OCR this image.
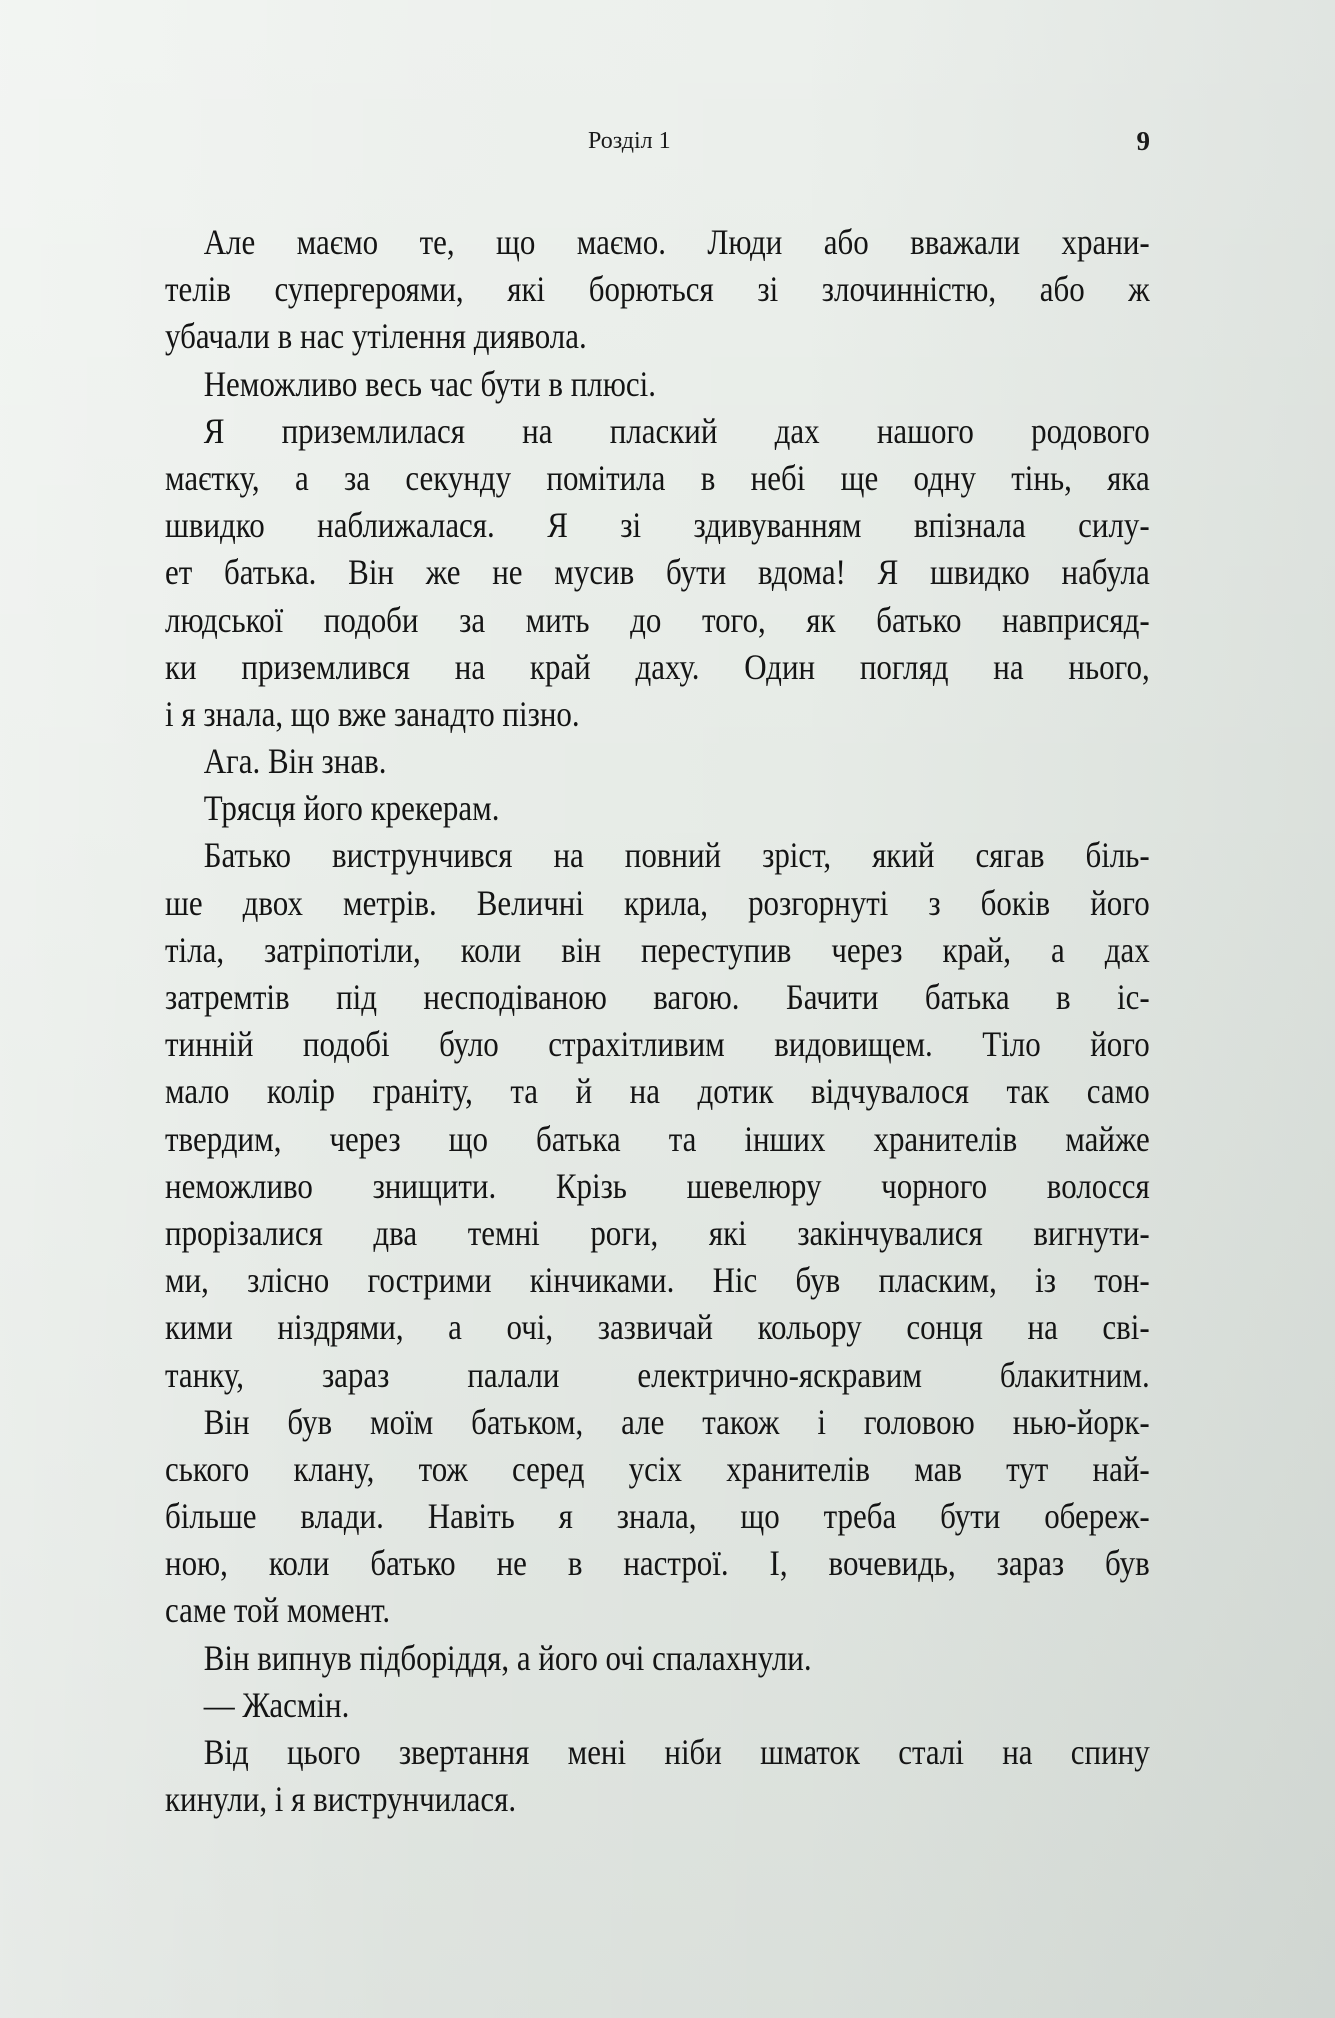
Розділ 1	9
Але маємо те, що маємо. Люди або вважали храни-
телів супергероями, які борються зі злочинністю, або ж
убачали в нас утілення диявола.
Неможливо весь час бути в плюсі.
Я приземлилася на плаский дах нашого родового
маєтку, а за секунду помітила в небі ще одну тінь, яка
швидко наближалася. Я зі здивуванням впізнала силу-
ет батька. Він же не мусив бути вдома! Я швидко набула
людської подоби за мить до того, як батько навприсяд-
ки приземлився на край даху. Один погляд на нього,
і я знала, що вже занадто пізно.
Ага. Він знав.
Трясця його крекерам.
Батько виструнчився на повний зріст, який сягав біль-
ше двох метрів. Величні крила, розгорнуті з боків його
тіла, затріпотіли, коли він переступив через край, а дах
затремтів під несподіваною вагою. Бачити батька в іс-
тинній подобі було страхітливим видовищем. Тіло його
мало колір граніту, та й на дотик відчувалося так само
твердим, через що батька та інших хранителів майже
неможливо знищити. Крізь шевелюру чорного волосся
прорізалися два темні роги, які закінчувалися вигнути-
ми, злісно гострими кінчиками. Ніс був пласким, із тон-
кими ніздрями, а очі, зазвичай кольору сонця на сві-
танку, зараз палали електрично-яскравим блакитним.
Він був моїм батьком, але також і головою нью-йорк-
ського клану, тож серед усіх хранителів мав тут най-
більше влади. Навіть я знала, що треба бути обереж-
ною, коли батько не в настрої. І, вочевидь, зараз був
саме той момент.
Він випнув підборіддя, а його очі спалахнули.
— Жасмін.
Від цього звертання мені ніби шматок сталі на спину
кинули, і я виструнчилася.
